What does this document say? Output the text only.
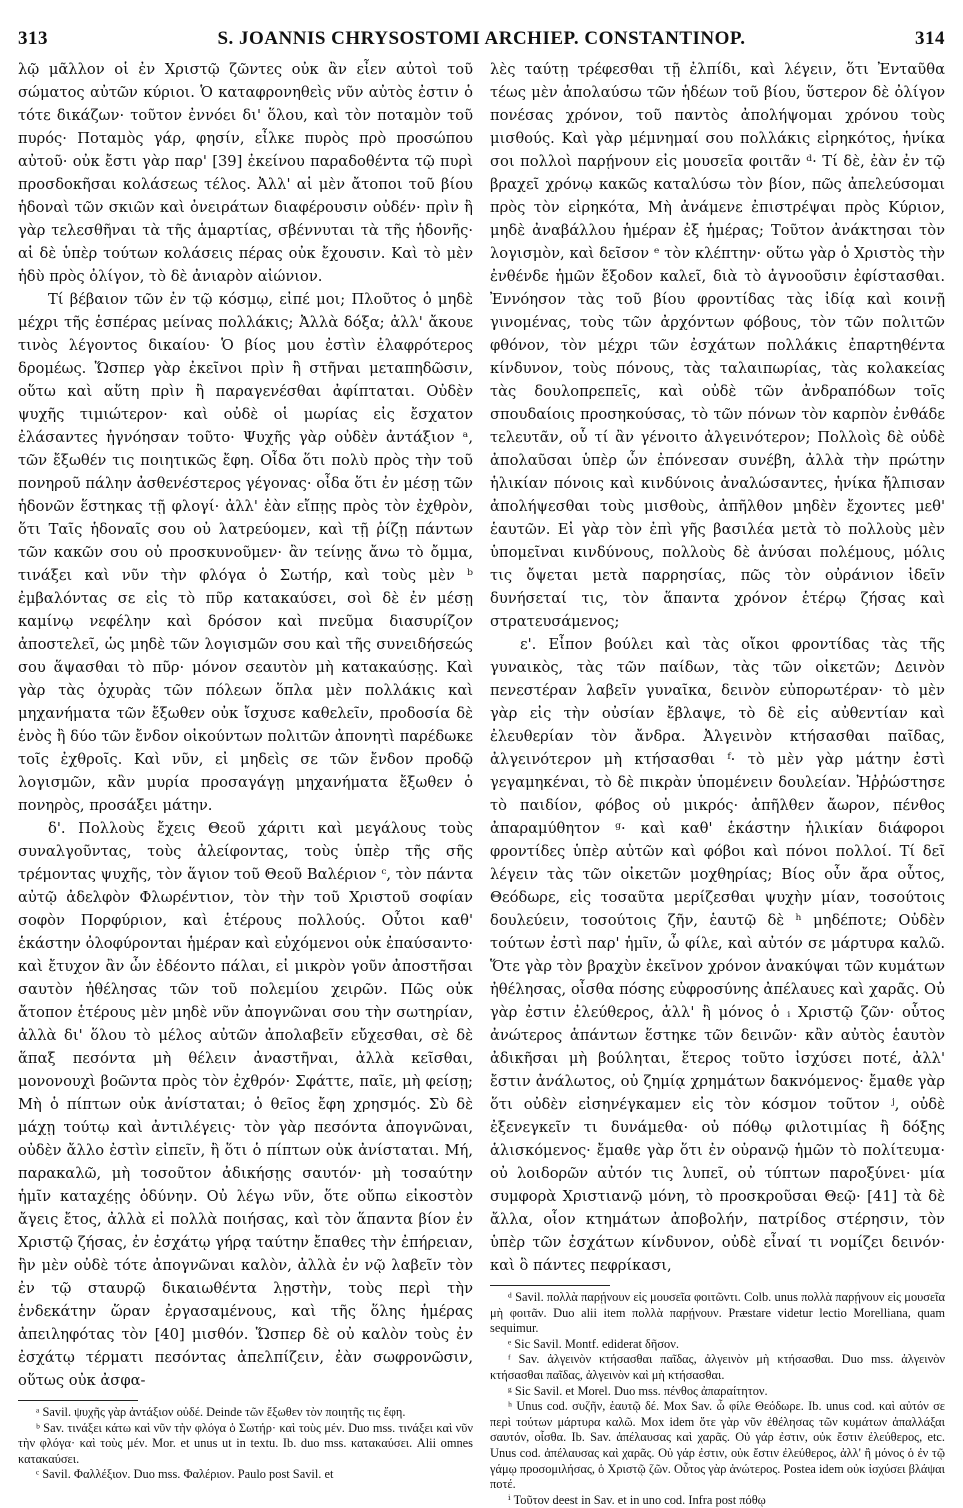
313	S. JOANNIS CHRYSOSTOMI ARCHIEP. CONSTANTINOP.	314

λῷ μᾶλλον οἱ ἐν Χριστῷ ζῶντες οὐκ ἂν εἶεν αὐτοὶ τοῦ σώματος αὐτῶν κύριοι. Ὁ καταφρονηθεὶς νῦν αὐτὸς ἐστιν ὁ τότε δικάζων· τοῦτον ἐννόει δι' ὅλου, καὶ τὸν ποταμὸν τοῦ πυρός· Ποταμὸς γάρ, φησίν, εἶλκε πυρὸς πρὸ προσώπου αὐτοῦ· οὐκ ἔστι γὰρ παρ' [39] ἐκείνου παραδοθέντα τῷ πυρὶ προσδοκῆσαι κολάσεως τέλος. Ἀλλ' αἱ μὲν ἄτοποι τοῦ βίου ἡδοναὶ τῶν σκιῶν καὶ ὀνειράτων διαφέρουσιν οὐδέν· πρὶν ἢ γὰρ τελεσθῆναι τὰ τῆς ἁμαρτίας, σβέννυται τὰ τῆς ἡδονῆς· αἱ δὲ ὑπὲρ τούτων κολάσεις πέρας οὐκ ἔχουσιν. Καὶ τὸ μὲν ἡδὺ πρὸς ὀλίγον, τὸ δὲ ἀνιαρὸν αἰώνιον.

Τί βέβαιον τῶν ἐν τῷ κόσμῳ, εἰπέ μοι; Πλοῦτος ὁ μηδὲ μέχρι τῆς ἑσπέρας μείνας πολλάκις; Ἀλλὰ δόξα; ἀλλ' ἄκουε τινὸς λέγοντος δικαίου· Ὁ βίος μου ἐστὶν ἐλαφρότερος δρομέως. Ὥσπερ γὰρ ἐκεῖνοι πρὶν ἢ στῆναι μεταπηδῶσιν, οὕτω καὶ αὕτη πρὶν ἢ παραγενέσθαι ἀφίπταται. Οὐδὲν ψυχῆς τιμιώτερον· καὶ οὐδὲ οἱ μωρίας εἰς ἔσχατον ἐλάσαντες ἠγνόησαν τοῦτο· Ψυχῆς γὰρ οὐδὲν ἀντάξιον ᵃ, τῶν ἔξωθέν τις ποιητικῶς ἔφη. Οἶδα ὅτι πολὺ πρὸς τὴν τοῦ πονηροῦ πάλην ἀσθενέστερος γέγονας· οἶδα ὅτι ἐν μέσῃ τῶν ἡδονῶν ἕστηκας τῇ φλογί· ἀλλ' ἐὰν εἴπῃς πρὸς τὸν ἐχθρὸν, ὅτι Ταῖς ἡδοναῖς σου οὐ λατρεύομεν, καὶ τῇ ῥίζῃ πάντων τῶν κακῶν σου οὐ προσκυνοῦμεν· ἂν τείνῃς ἄνω τὸ ὄμμα, τινάξει καὶ νῦν τὴν φλόγα ὁ Σωτήρ, καὶ τοὺς μὲν ᵇ ἐμβαλόντας σε εἰς τὸ πῦρ κατακαύσει, σοὶ δὲ ἐν μέσῃ καμίνῳ νεφέλην καὶ δρόσον καὶ πνεῦμα διασυρίζον ἀποστελεῖ, ὡς μηδὲ τῶν λογισμῶν σου καὶ τῆς συνειδήσεώς σου ἅψασθαι τὸ πῦρ· μόνον σεαυτὸν μὴ κατακαύσῃς. Καὶ γὰρ τὰς ὀχυρὰς τῶν πόλεων ὅπλα μὲν πολλάκις καὶ μηχανήματα τῶν ἔξωθεν οὐκ ἴσχυσε καθελεῖν, προδοσία δὲ ἑνὸς ἢ δύο τῶν ἔνδον οἰκούντων πολιτῶν ἀπονητὶ παρέδωκε τοῖς ἐχθροῖς. Καὶ νῦν, εἰ μηδεὶς σε τῶν ἔνδον προδῷ λογισμῶν, κἂν μυρία προσαγάγῃ μηχανήματα ἔξωθεν ὁ πονηρὸς, προσάξει μάτην.

δ'. Πολλοὺς ἔχεις Θεοῦ χάριτι καὶ μεγάλους τοὺς συναλγοῦντας, τοὺς ἀλείφοντας, τοὺς ὑπὲρ τῆς σῆς τρέμοντας ψυχῆς, τὸν ἅγιον τοῦ Θεοῦ Βαλέριον ᶜ, τὸν πάντα αὐτῷ ἀδελφὸν Φλωρέντιον, τὸν τὴν τοῦ Χριστοῦ σοφίαν σοφὸν Πορφύριον, καὶ ἑτέρους πολλούς. Οὗτοι καθ' ἑκάστην ὀλοφύρονται ἡμέραν καὶ εὐχόμενοι οὐκ ἐπαύσαντο· καὶ ἔτυχον ἂν ὧν ἐδέοντο πάλαι, εἰ μικρὸν γοῦν ἀποστῆσαι σαυτὸν ἠθέλησας τῶν τοῦ πολεμίου χειρῶν. Πῶς οὐκ ἄτοπον ἑτέρους μὲν μηδὲ νῦν ἀπογνῶναι σου τὴν σωτηρίαν, ἀλλὰ δι' ὅλου τὸ μέλος αὐτῶν ἀπολαβεῖν εὔχεσθαι, σὲ δὲ ἅπαξ πεσόντα μὴ θέλειν ἀναστῆναι, ἀλλὰ κεῖσθαι, μονονουχὶ βοῶντα πρὸς τὸν ἐχθρόν· Σφάττε, παῖε, μὴ φείσῃ; Μὴ ὁ πίπτων οὐκ ἀνίσταται; ὁ θεῖος ἔφη χρησμός. Σὺ δὲ μάχῃ τούτῳ καὶ ἀντιλέγεις· τὸν γὰρ πεσόντα ἀπογνῶναι, οὐδὲν ἄλλο ἐστὶν εἰπεῖν, ἢ ὅτι ὁ πίπτων οὐκ ἀνίσταται. Μή, παρακαλῶ, μὴ τοσοῦτον ἀδικήσῃς σαυτόν· μὴ τοσαύτην ἡμῖν καταχέῃς ὀδύνην. Οὐ λέγω νῦν, ὅτε οὔπω εἰκοστὸν ἄγεις ἔτος, ἀλλὰ εἰ πολλὰ ποιήσας, καὶ τὸν ἅπαντα βίον ἐν Χριστῷ ζήσας, ἐν ἐσχάτῳ γήρᾳ ταύτην ἔπαθες τὴν ἐπήρειαν, ἣν μὲν οὐδὲ τότε ἀπογνῶναι καλὸν, ἀλλὰ ἐν νῷ λαβεῖν τὸν ἐν τῷ σταυρῷ δικαιωθέντα λῃστὴν, τοὺς περὶ τὴν ἑνδεκάτην ὥραν ἐργασαμένους, καὶ τῆς ὅλης ἡμέρας ἀπειληφότας τὸν [40] μισθόν. Ὥσπερ δὲ οὐ καλὸν τοὺς ἐν ἐσχάτῳ τέρματι πεσόντας ἀπελπίζειν, ἐὰν σωφρονῶσιν, οὕτως οὐκ ἀσφα-

ᵃ Savil. ψυχῆς γὰρ ἀντάξιον οὐδέ. Deinde τῶν ἔξωθεν τὸν ποιητῆς τις ἔφη.

ᵇ Sav. τινάξει κάτω καὶ νῦν τὴν φλόγα ὁ Σωτήρ· καὶ τοὺς μέν. Duo mss. τινάξει καὶ νῦν τὴν φλόγα· καὶ τοὺς μέν. Mor. et unus ut in textu. Ib. duo mss. κατακαύσει. Alii omnes κατακαύσει.

ᶜ Savil. Φαλλέξιον. Duo mss. Φαλέριον. Paulo post Savil. et

λὲς ταύτῃ τρέφεσθαι τῇ ἐλπίδι, καὶ λέγειν, ὅτι Ἐνταῦθα τέως μὲν ἀπολαύσω τῶν ἡδέων τοῦ βίου, ὕστερον δὲ ὀλίγον πονέσας χρόνον, τοῦ παντὸς ἀπολήψομαι χρόνου τοὺς μισθούς. Καὶ γὰρ μέμνημαί σου πολλάκις εἰρηκότος, ἡνίκα σοι πολλοὶ παρῄνουν εἰς μουσεῖα φοιτᾶν ᵈ· Τί δὲ, ἐὰν ἐν τῷ βραχεῖ χρόνῳ κακῶς καταλύσω τὸν βίον, πῶς ἀπελεύσομαι πρὸς τὸν εἰρηκότα, Μὴ ἀνάμενε ἐπιστρέψαι πρὸς Κύριον, μηδὲ ἀναβάλλου ἡμέραν ἐξ ἡμέρας; Τοῦτον ἀνάκτησαι τὸν λογισμὸν, καὶ δεῖσον ᵉ τὸν κλέπτην· οὕτω γὰρ ὁ Χριστὸς τὴν ἐνθένδε ἡμῶν ἔξοδον καλεῖ, διὰ τὸ ἀγνοοῦσιν ἐφίστασθαι. Ἐννόησον τὰς τοῦ βίου φροντίδας τὰς ἰδίᾳ καὶ κοινῇ γινομένας, τοὺς τῶν ἀρχόντων φόβους, τὸν τῶν πολιτῶν φθόνον, τὸν μέχρι τῶν ἐσχάτων πολλάκις ἐπαρτηθέντα κίνδυνον, τοὺς πόνους, τὰς ταλαιπωρίας, τὰς κολακείας τὰς δουλοπρεπεῖς, καὶ οὐδὲ τῶν ἀνδραπόδων τοῖς σπουδαίοις προσηκούσας, τὸ τῶν πόνων τὸν καρπὸν ἐνθάδε τελευτᾶν, οὗ τί ἂν γένοιτο ἀλγεινότερον; Πολλοὶς δὲ οὐδὲ ἀπολαῦσαι ὑπὲρ ὧν ἐπόνεσαν συνέβη, ἀλλὰ τὴν πρώτην ἡλικίαν πόνοις καὶ κινδύνοις ἀναλώσαντες, ἡνίκα ἤλπισαν ἀπολήψεσθαι τοὺς μισθοὺς, ἀπῆλθον μηδὲν ἔχοντες μεθ' ἑαυτῶν. Εἰ γὰρ τὸν ἐπὶ γῆς βασιλέα μετὰ τὸ πολλοὺς μὲν ὑπομεῖναι κινδύνους, πολλοὺς δὲ ἀνύσαι πολέμους, μόλις τις ὄψεται μετὰ παρρησίας, πῶς τὸν οὐράνιον ἰδεῖν δυνήσεταί τις, τὸν ἅπαντα χρόνον ἑτέρῳ ζήσας καὶ στρατευσάμενος;

ε'. Εἶπον βούλει καὶ τὰς οἴκοι φροντίδας τὰς τῆς γυναικὸς, τὰς τῶν παίδων, τὰς τῶν οἰκετῶν; Δεινὸν πενεστέραν λαβεῖν γυναῖκα, δεινὸν εὐπορωτέραν· τὸ μὲν γὰρ εἰς τὴν οὐσίαν ἔβλαψε, τὸ δὲ εἰς αὐθεντίαν καὶ ἐλευθερίαν τὸν ἄνδρα. Ἀλγεινὸν κτήσασθαι παῖδας, ἀλγεινότερον μὴ κτήσασθαι ᶠ· τὸ μὲν γὰρ μάτην ἐστὶ γεγαμηκέναι, τὸ δὲ πικρὰν ὑπομένειν δουλείαν. Ἠῤῥώστησε τὸ παιδίον, φόβος οὐ μικρός· ἀπῆλθεν ἄωρον, πένθος ἀπαραμύθητον ᵍ· καὶ καθ' ἑκάστην ἡλικίαν διάφοροι φροντίδες ὑπὲρ αὐτῶν καὶ φόβοι καὶ πόνοι πολλοί. Τί δεῖ λέγειν τὰς τῶν οἰκετῶν μοχθηρίας; Βίος οὖν ἄρα οὗτος, Θεόδωρε, εἰς τοσαῦτα μερίζεσθαι ψυχὴν μίαν, τοσούτοις δουλεύειν, τοσούτοις ζῆν, ἑαυτῷ δὲ ʰ μηδέποτε; Οὐδὲν τούτων ἐστὶ παρ' ἡμῖν, ὦ φίλε, καὶ αὐτόν σε μάρτυρα καλῶ. Ὅτε γὰρ τὸν βραχὺν ἐκεῖνον χρόνον ἀνακύψαι τῶν κυμάτων ἠθέλησας, οἶσθα πόσης εὐφροσύνης ἀπέλαυες καὶ χαρᾶς. Οὐ γὰρ ἐστιν ἐλεύθερος, ἀλλ' ἢ μόνος ὁ ᵢ Χριστῷ ζῶν· οὗτος ἀνώτερος ἁπάντων ἕστηκε τῶν δεινῶν· κἂν αὐτὸς ἑαυτὸν ἀδικῆσαι μὴ βούληται, ἕτερος τοῦτο ἰσχύσει ποτέ, ἀλλ' ἔστιν ἀνάλωτος, οὐ ζημίᾳ χρημάτων δακνόμενος· ἔμαθε γὰρ ὅτι οὐδὲν εἰσηνέγκαμεν εἰς τὸν κόσμον τοῦτον ʲ, οὐδὲ ἐξενεγκεῖν τι δυνάμεθα· οὐ πόθῳ φιλοτιμίας ἢ δόξης ἁλισκόμενος· ἔμαθε γὰρ ὅτι ἐν οὐρανῷ ἡμῶν τὸ πολίτευμα· οὐ λοιδορῶν αὐτόν τις λυπεῖ, οὐ τύπτων παροξύνει· μία συμφορὰ Χριστιανῷ μόνη, τὸ προσκροῦσαι Θεῷ· [41] τὰ δὲ ἄλλα, οἷον κτημάτων ἀποβολήν, πατρίδος στέρησιν, τὸν ὑπὲρ τῶν ἐσχάτων κίνδυνον, οὐδὲ εἶναί τι νομίζει δεινόν· καὶ ὃ πάντες πεφρίκασι,

ᵈ Savil. πολλὰ παρῄνουν εἰς μουσεῖα φοιτῶντι. Colb. unus πολλὰ παρῄνουν εἰς μουσεῖα μὴ φοιτᾶν. Duo alii item πολλὰ παρῄνουν. Præstare videtur lectio Morelliana, quam sequimur.

ᵉ Sic Savil. Montf. ediderat δῆσον.

ᶠ Sav. ἀλγεινὸν κτήσασθαι παῖδας, ἀλγεινὸν μὴ κτήσασθαι. Duo mss. ἀλγεινὸν κτήσασθαι παῖδας, ἀλγεινὸν καὶ μὴ κτήσασθαι.

ᵍ Sic Savil. et Morel. Duo mss. πένθος ἀπαραίτητον.

ʰ Unus cod. συζῆν, ἑαυτῷ δέ. Mox Sav. ὦ φίλε Θεόδωρε. Ib. unus cod. καὶ αὐτόν σε περὶ τούτων μάρτυρα καλῶ. Mox idem ὅτε γὰρ νῦν ἐθέλησας τῶν κυμάτων ἀπαλλάξαι σαυτόν, οἶσθα. Ib. Sav. ἀπέλαυσας καὶ χαρᾶς. Οὐ γάρ ἐστιν, οὐκ ἔστιν ἐλεύθερος, etc. Unus cod. ἀπέλαυσας καὶ χαρᾶς. Οὐ γάρ ἐστιν, οὐκ ἔστιν ἐλεύθερος, ἀλλ' ἢ μόνος ὁ ἐν τῷ γάμῳ προσομιλήσας, ὁ Χριστῷ ζῶν. Οὗτος γὰρ ἀνώτερος. Postea idem οὐκ ἰσχύσει βλάψαι ποτέ.

ⁱ Τοῦτον deest in Sav. et in uno cod. Infra post πόθῳ
